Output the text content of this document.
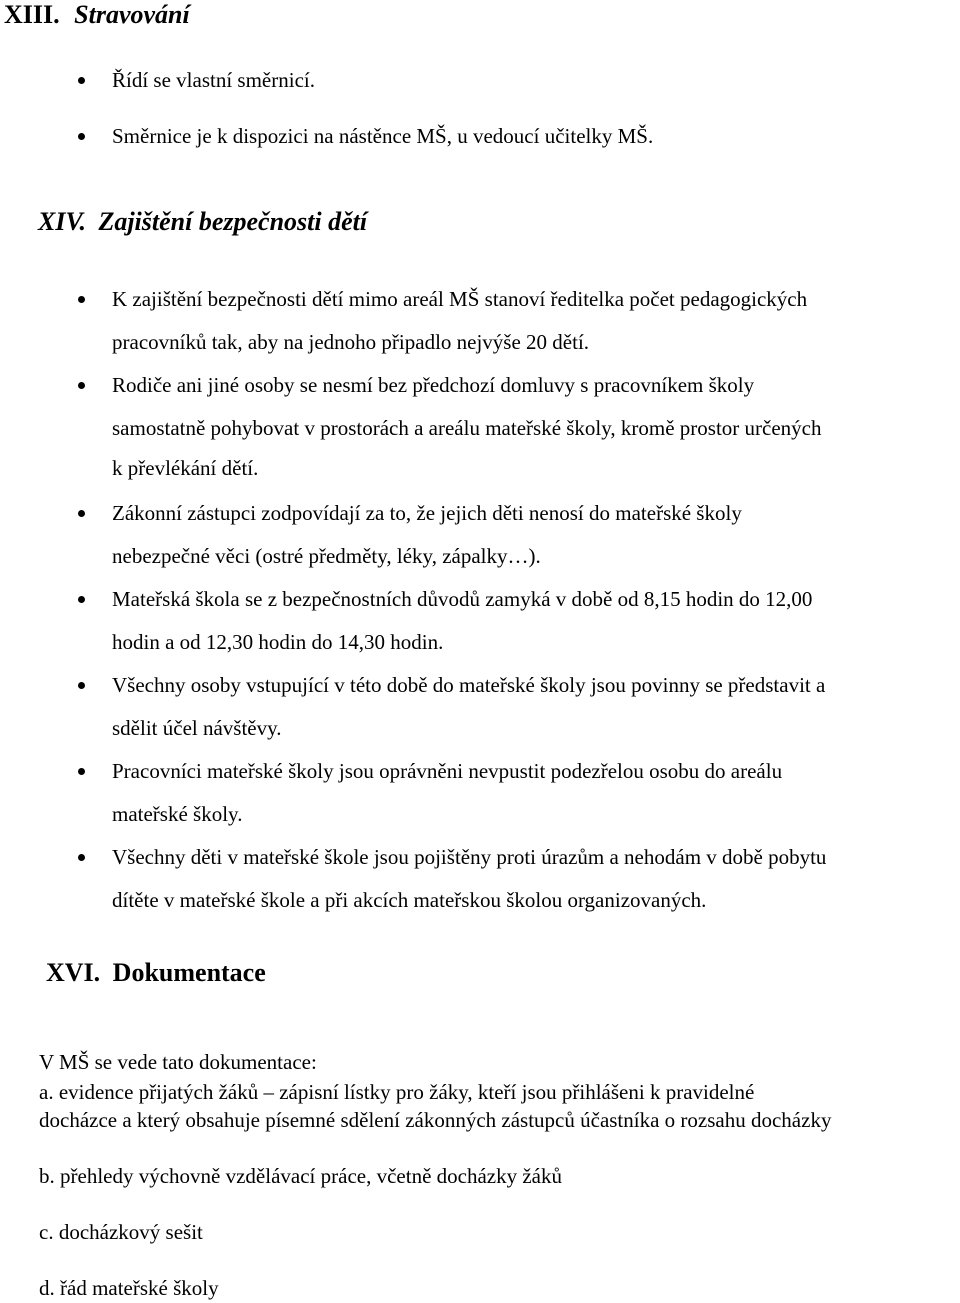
XIII. Stravování
Řídí se vlastní směrnicí.
Směrnice je k dispozici na nástěnce MŠ, u vedoucí učitelky MŠ.
XIV. Zajištění bezpečnosti dětí
K zajištění bezpečnosti dětí mimo areál MŠ stanoví ředitelka počet pedagogických
pracovníků tak, aby na jednoho připadlo nejvýše 20 dětí.
Rodiče ani jiné osoby se nesmí bez předchozí domluvy s pracovníkem školy
samostatně pohybovat v prostorách a areálu mateřské školy, kromě prostor určených
k převlékání dětí.
Zákonní zástupci zodpovídají za to, že jejich děti nenosí do mateřské školy
nebezpečné věci (ostré předměty, léky, zápalky…).
Mateřská škola se z bezpečnostních důvodů zamyká v době od 8,15 hodin do 12,00
hodin a od 12,30 hodin do 14,30 hodin.
Všechny osoby vstupující v této době do mateřské školy jsou povinny se představit a
sdělit účel návštěvy.
Pracovníci mateřské školy jsou oprávněni nevpustit podezřelou osobu do areálu
mateřské školy.
Všechny děti v mateřské škole jsou pojištěny proti úrazům a nehodám v době pobytu
dítěte v mateřské škole a při akcích mateřskou školou organizovaných.
XVI. Dokumentace
V MŠ se vede tato dokumentace:
a. evidence přijatých žáků – zápisní lístky pro žáky, kteří jsou přihlášeni k pravidelné
docházce a který obsahuje písemné sdělení zákonných zástupců účastníka o rozsahu docházky
b. přehledy výchovně vzdělávací práce, včetně docházky žáků
c. docházkový sešit
d. řád mateřské školy
